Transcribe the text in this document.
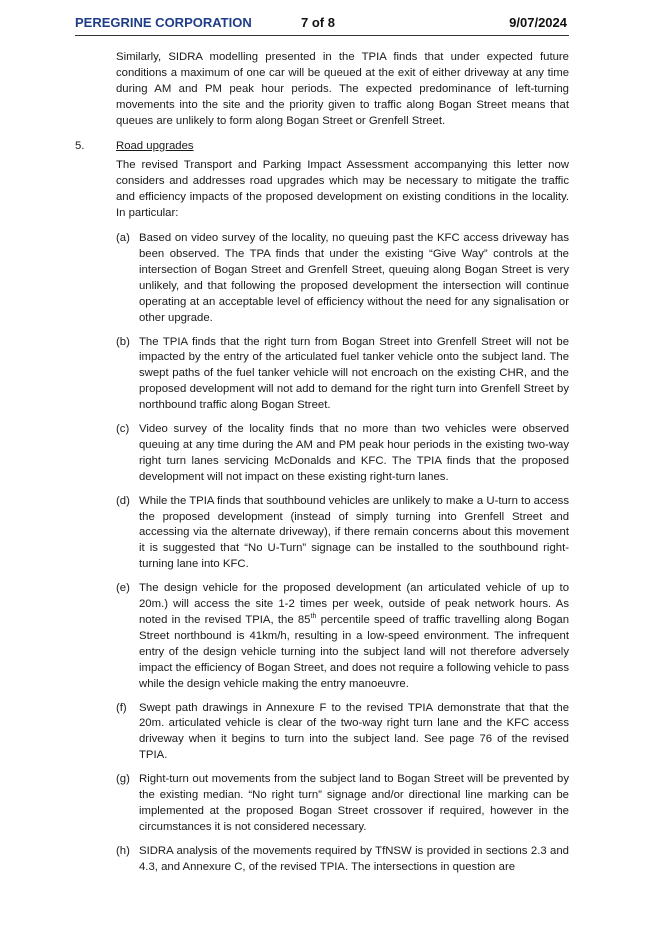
PEREGRINE CORPORATION	7 of 8	9/07/2024

Similarly, SIDRA modelling presented in the TPIA finds that under expected future conditions a maximum of one car will be queued at the exit of either driveway at any time during AM and PM peak hour periods. The expected predominance of left-turning movements into the site and the priority given to traffic along Bogan Street means that queues are unlikely to form along Bogan Street or Grenfell Street.

5.	Road upgrades

The revised Transport and Parking Impact Assessment accompanying this letter now considers and addresses road upgrades which may be necessary to mitigate the traffic and efficiency impacts of the proposed development on existing conditions in the locality. In particular:

(a) Based on video survey of the locality, no queuing past the KFC access driveway has been observed. The TPA finds that under the existing “Give Way” controls at the intersection of Bogan Street and Grenfell Street, queuing along Bogan Street is very unlikely, and that following the proposed development the intersection will continue operating at an acceptable level of efficiency without the need for any signalisation or other upgrade.
(b) The TPIA finds that the right turn from Bogan Street into Grenfell Street will not be impacted by the entry of the articulated fuel tanker vehicle onto the subject land. The swept paths of the fuel tanker vehicle will not encroach on the existing CHR, and the proposed development will not add to demand for the right turn into Grenfell Street by northbound traffic along Bogan Street.
(c) Video survey of the locality finds that no more than two vehicles were observed queuing at any time during the AM and PM peak hour periods in the existing two-way right turn lanes servicing McDonalds and KFC. The TPIA finds that the proposed development will not impact on these existing right-turn lanes.
(d) While the TPIA finds that southbound vehicles are unlikely to make a U-turn to access the proposed development (instead of simply turning into Grenfell Street and accessing via the alternate driveway), if there remain concerns about this movement it is suggested that “No U-Turn” signage can be installed to the southbound right-turning lane into KFC.
(e) The design vehicle for the proposed development (an articulated vehicle of up to 20m.) will access the site 1-2 times per week, outside of peak network hours. As noted in the revised TPIA, the 85th percentile speed of traffic travelling along Bogan Street northbound is 41km/h, resulting in a low-speed environment. The infrequent entry of the design vehicle turning into the subject land will not therefore adversely impact the efficiency of Bogan Street, and does not require a following vehicle to pass while the design vehicle making the entry manoeuvre.
(f) Swept path drawings in Annexure F to the revised TPIA demonstrate that that the 20m. articulated vehicle is clear of the two-way right turn lane and the KFC access driveway when it begins to turn into the subject land. See page 76 of the revised TPIA.
(g) Right-turn out movements from the subject land to Bogan Street will be prevented by the existing median. “No right turn” signage and/or directional line marking can be implemented at the proposed Bogan Street crossover if required, however in the circumstances it is not considered necessary.
(h) SIDRA analysis of the movements required by TfNSW is provided in sections 2.3 and 4.3, and Annexure C, of the revised TPIA. The intersections in question are
